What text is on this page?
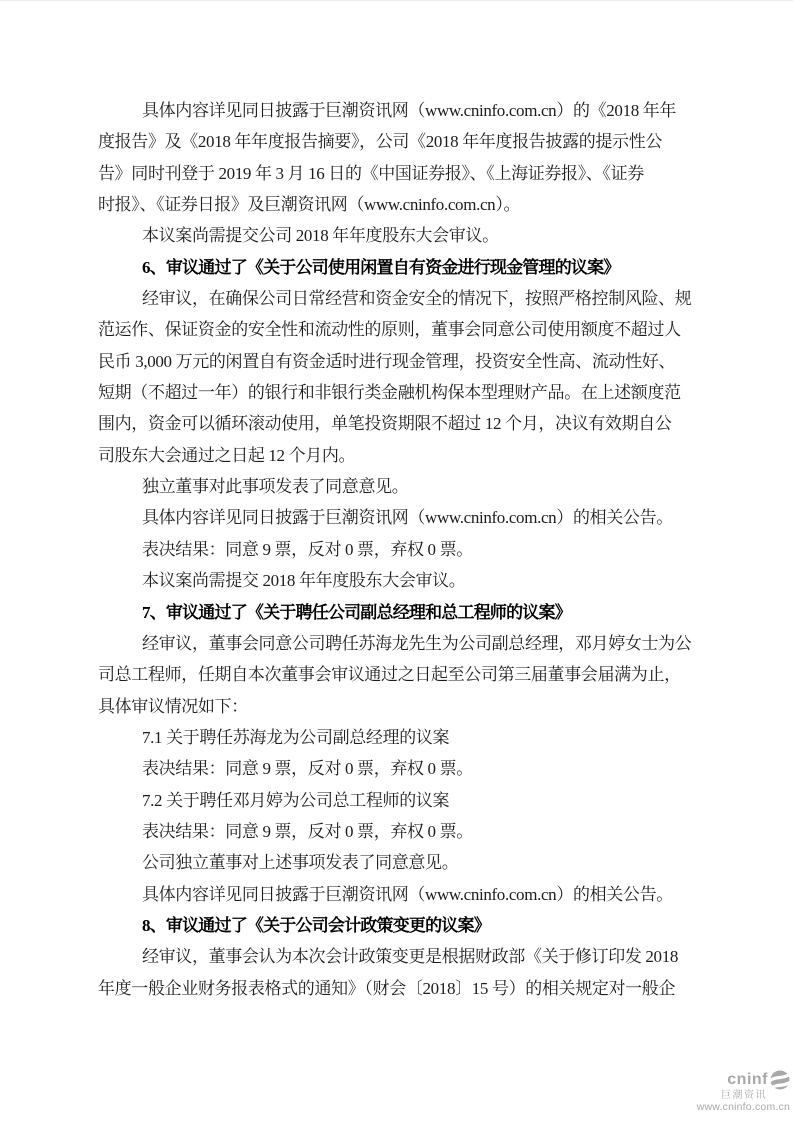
具体内容详见同日披露于巨潮资讯网（www.cninfo.com.cn）的《2018 年年
度报告》及《2018 年年度报告摘要》，公司《2018 年年度报告披露的提示性公
告》同时刊登于 2019 年 3 月 16 日的《中国证券报》、《上海证券报》、《证券
时报》、《证券日报》及巨潮资讯网（www.cninfo.com.cn）。
本议案尚需提交公司 2018 年年度股东大会审议。
6、审议通过了《关于公司使用闲置自有资金进行现金管理的议案》
经审议，在确保公司日常经营和资金安全的情况下，按照严格控制风险、规
范运作、保证资金的安全性和流动性的原则，董事会同意公司使用额度不超过人
民币 3,000 万元的闲置自有资金适时进行现金管理，投资安全性高、流动性好、
短期（不超过一年）的银行和非银行类金融机构保本型理财产品。在上述额度范
围内，资金可以循环滚动使用，单笔投资期限不超过 12 个月，决议有效期自公
司股东大会通过之日起 12 个月内。
独立董事对此事项发表了同意意见。
具体内容详见同日披露于巨潮资讯网（www.cninfo.com.cn）的相关公告。
表决结果：同意 9 票，反对 0 票，弃权 0 票。
本议案尚需提交 2018 年年度股东大会审议。
7、审议通过了《关于聘任公司副总经理和总工程师的议案》
经审议，董事会同意公司聘任苏海龙先生为公司副总经理，邓月婷女士为公
司总工程师，任期自本次董事会审议通过之日起至公司第三届董事会届满为止，
具体审议情况如下：
7.1 关于聘任苏海龙为公司副总经理的议案
表决结果：同意 9 票，反对 0 票，弃权 0 票。
7.2 关于聘任邓月婷为公司总工程师的议案
表决结果：同意 9 票，反对 0 票，弃权 0 票。
公司独立董事对上述事项发表了同意意见。
具体内容详见同日披露于巨潮资讯网（www.cninfo.com.cn）的相关公告。
8、审议通过了《关于公司会计政策变更的议案》
经审议，董事会认为本次会计政策变更是根据财政部《关于修订印发 2018
年度一般企业财务报表格式的通知》（财会〔2018〕15 号）的相关规定对一般企
cninf
巨潮资讯
www.cninfo.com.cn
